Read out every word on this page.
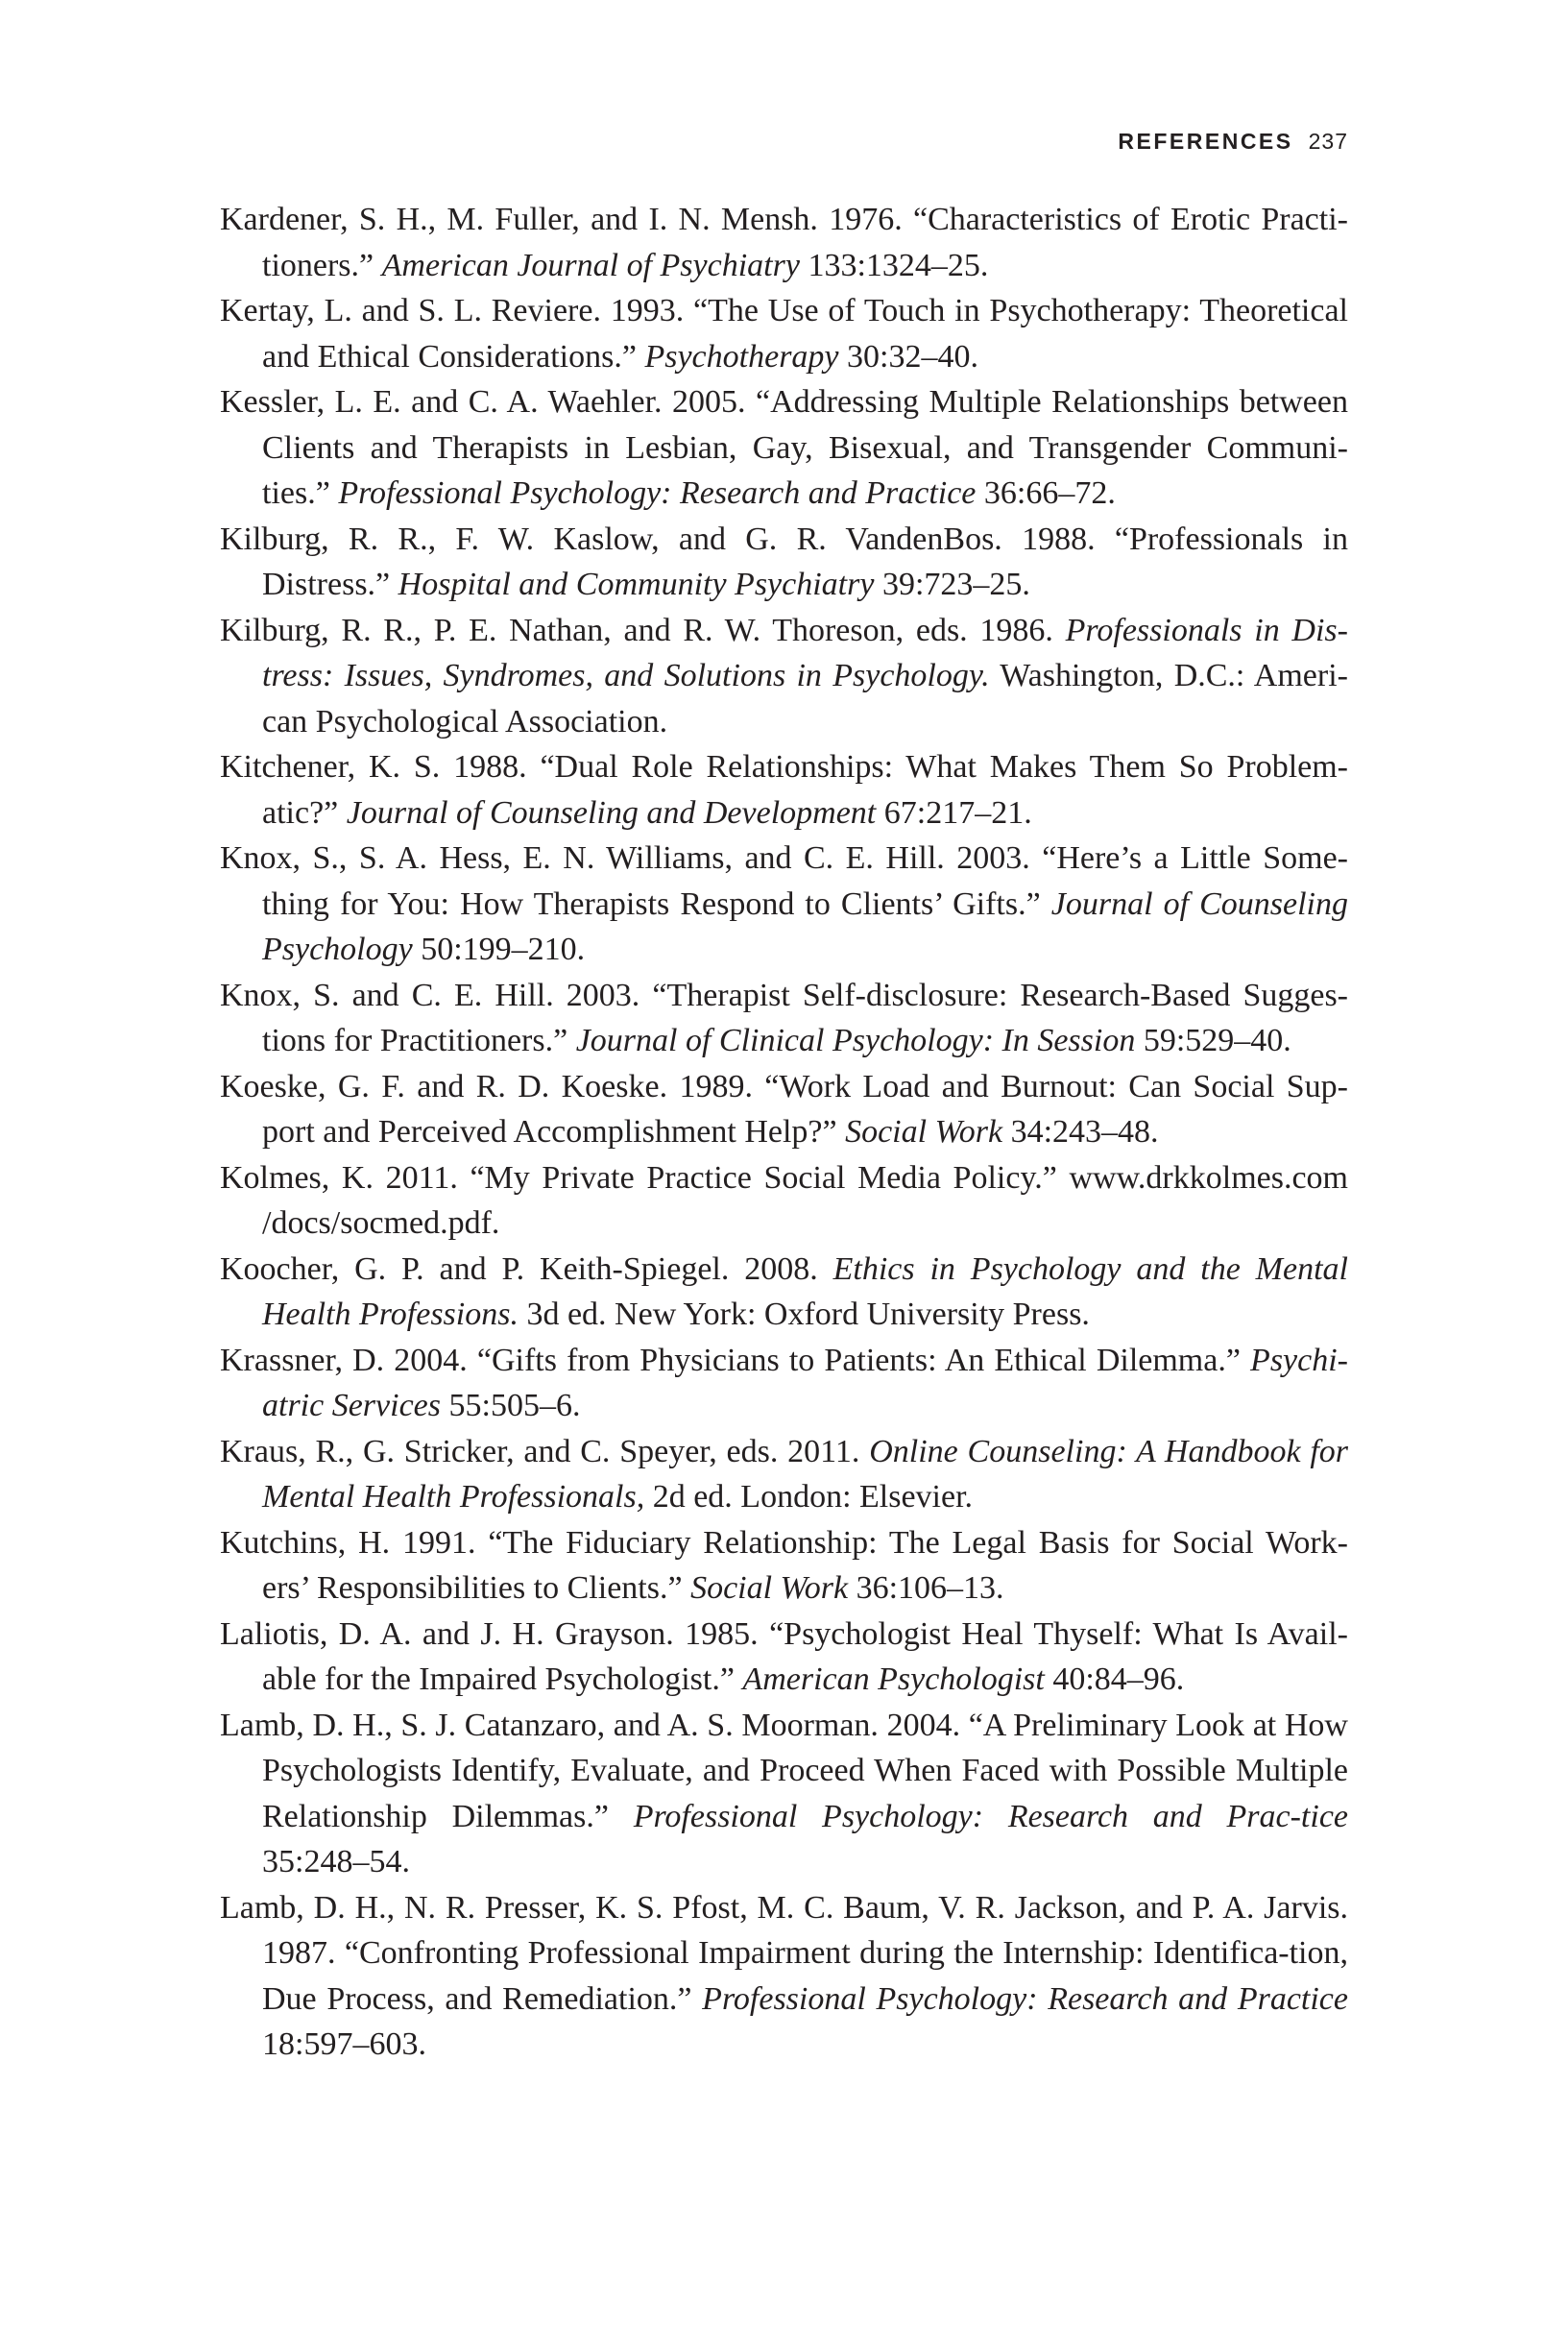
REFERENCES 237
Kardener, S. H., M. Fuller, and I. N. Mensh. 1976. “Characteristics of Erotic Practi-tioners.” American Journal of Psychiatry 133:1324–25.
Kertay, L. and S. L. Reviere. 1993. “The Use of Touch in Psychotherapy: Theoretical and Ethical Considerations.” Psychotherapy 30:32–40.
Kessler, L. E. and C. A. Waehler. 2005. “Addressing Multiple Relationships between Clients and Therapists in Lesbian, Gay, Bisexual, and Transgender Communi-ties.” Professional Psychology: Research and Practice 36:66–72.
Kilburg, R. R., F. W. Kaslow, and G. R. VandenBos. 1988. “Professionals in Distress.” Hospital and Community Psychiatry 39:723–25.
Kilburg, R. R., P. E. Nathan, and R. W. Thoreson, eds. 1986. Professionals in Dis-tress: Issues, Syndromes, and Solutions in Psychology. Washington, D.C.: Ameri-can Psychological Association.
Kitchener, K. S. 1988. “Dual Role Relationships: What Makes Them So Problem-atic?” Journal of Counseling and Development 67:217–21.
Knox, S., S. A. Hess, E. N. Williams, and C. E. Hill. 2003. “Here’s a Little Some-thing for You: How Therapists Respond to Clients’ Gifts.” Journal of Counseling Psychology 50:199–210.
Knox, S. and C. E. Hill. 2003. “Therapist Self-disclosure: Research-Based Sugges-tions for Practitioners.” Journal of Clinical Psychology: In Session 59:529–40.
Koeske, G. F. and R. D. Koeske. 1989. “Work Load and Burnout: Can Social Sup-port and Perceived Accomplishment Help?” Social Work 34:243–48.
Kolmes, K. 2011. “My Private Practice Social Media Policy.” www.drkkolmes.com /docs/socmed.pdf.
Koocher, G. P. and P. Keith-Spiegel. 2008. Ethics in Psychology and the Mental Health Professions. 3d ed. New York: Oxford University Press.
Krassner, D. 2004. “Gifts from Physicians to Patients: An Ethical Dilemma.” Psychi-atric Services 55:505–6.
Kraus, R., G. Stricker, and C. Speyer, eds. 2011. Online Counseling: A Handbook for Mental Health Professionals, 2d ed. London: Elsevier.
Kutchins, H. 1991. “The Fiduciary Relationship: The Legal Basis for Social Work-ers’ Responsibilities to Clients.” Social Work 36:106–13.
Laliotis, D. A. and J. H. Grayson. 1985. “Psychologist Heal Thyself: What Is Avail-able for the Impaired Psychologist.” American Psychologist 40:84–96.
Lamb, D. H., S. J. Catanzaro, and A. S. Moorman. 2004. “A Preliminary Look at How Psychologists Identify, Evaluate, and Proceed When Faced with Possible Multiple Relationship Dilemmas.” Professional Psychology: Research and Prac-tice 35:248–54.
Lamb, D. H., N. R. Presser, K. S. Pfost, M. C. Baum, V. R. Jackson, and P. A. Jarvis. 1987. “Confronting Professional Impairment during the Internship: Identifica-tion, Due Process, and Remediation.” Professional Psychology: Research and Practice 18:597–603.
